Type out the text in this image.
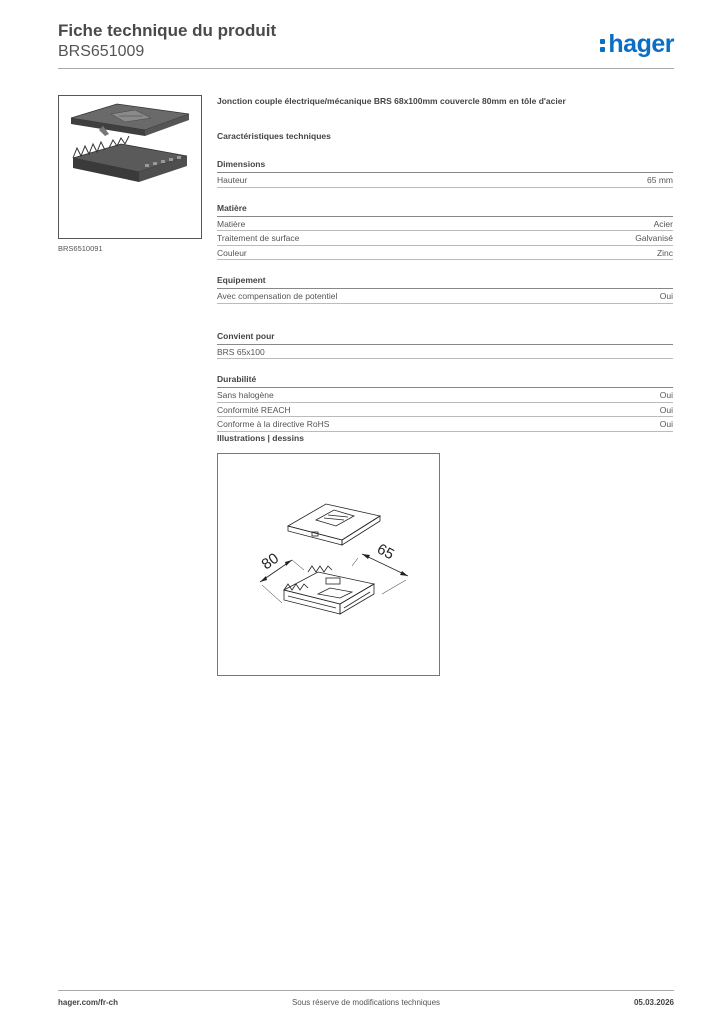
Fiche technique du produit
BRS651009	hager
BRS6510091
Jonction couple électrique/mécanique BRS 68x100mm couvercle 80mm en tôle d'acier
Caractéristiques techniques
Dimensions
Hauteur	65 mm
Matière
Matière	Acier
Traitement de surface	Galvanisé
Couleur	Zinc
Equipement
Avec compensation de potentiel	Oui
Convient pour
BRS 65x100
Durabilité
Sans halogène	Oui
Conformité REACH	Oui
Conforme à la directive RoHS	Oui
Illustrations | dessins
80	65
hager.com/fr-ch	Sous réserve de modifications techniques	05.03.2026
